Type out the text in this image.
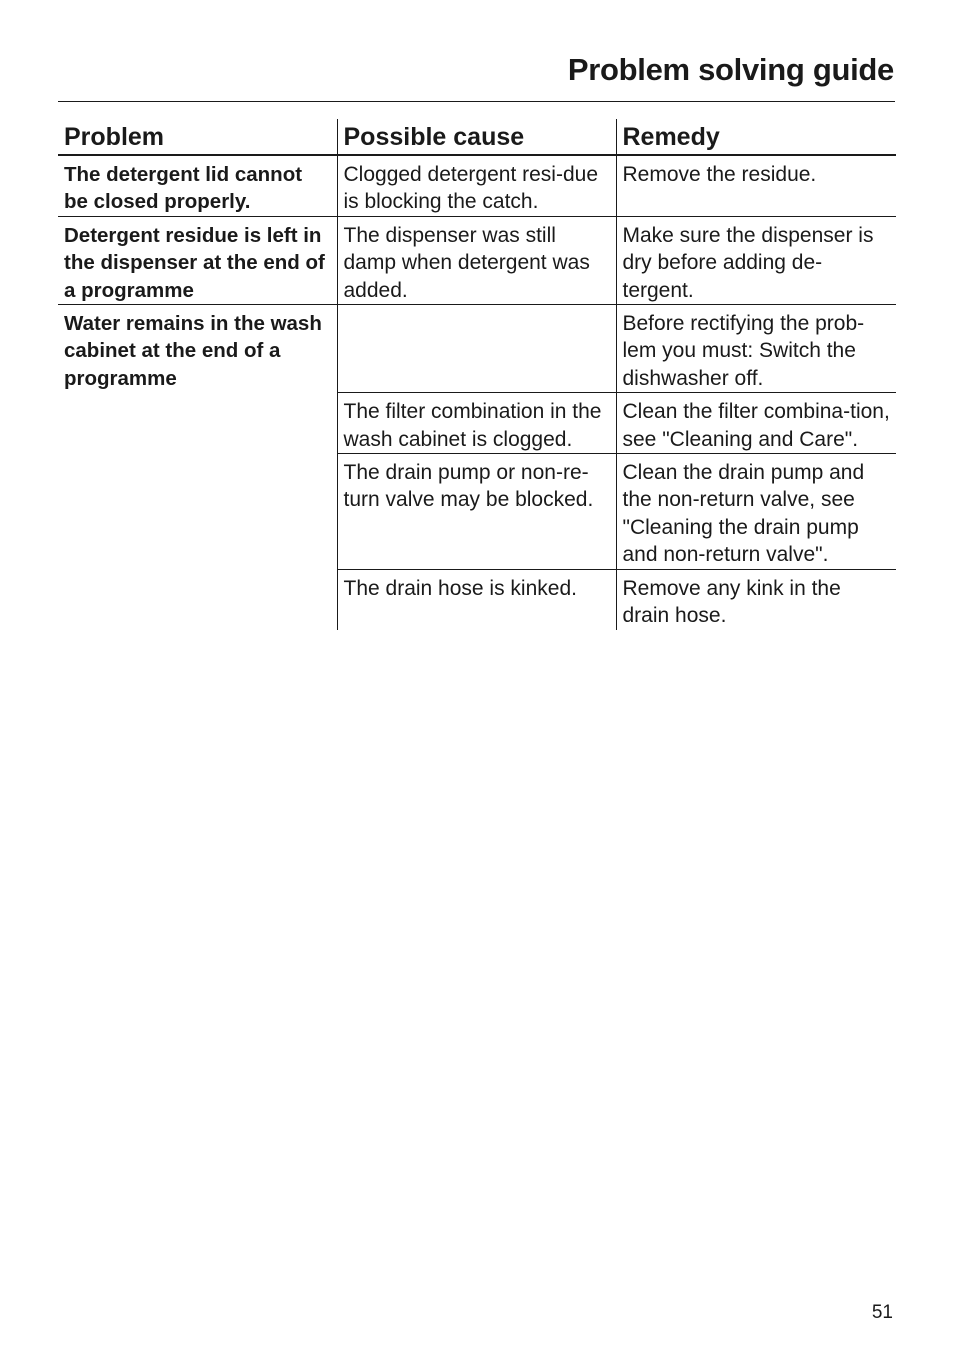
Problem solving guide
Problem	Possible cause	Remedy
The detergent lid cannot be closed properly.	Clogged detergent resi-due is blocking the catch.	Remove the residue.
Detergent residue is left in the dispenser at the end of a programme	The dispenser was still damp when detergent was added.	Make sure the dispenser is dry before adding de-tergent.
Water remains in the wash cabinet at the end of a programme		Before rectifying the prob-lem you must: Switch the dishwasher off.
	The filter combination in the wash cabinet is clogged.	Clean the filter combina-tion, see "Cleaning and Care".
	The drain pump or non-re-turn valve may be blocked.	Clean the drain pump and the non-return valve, see "Cleaning the drain pump and non-return valve".
	The drain hose is kinked.	Remove any kink in the drain hose.
51
